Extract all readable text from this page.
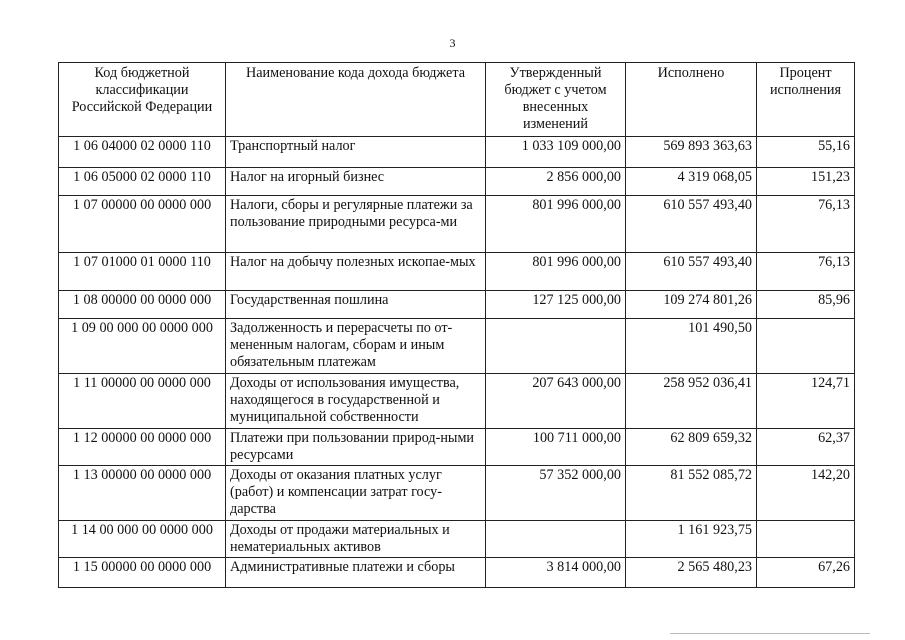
3
Код бюджетной классификации Российской Федерации	Наименование кода дохода бюджета	Утвержденный бюджет с учетом внесенных изменений	Исполнено	Процент исполнения
1 06 04000 02 0000 110	Транспортный налог	1 033 109 000,00	569 893 363,63	55,16
1 06 05000 02 0000 110	Налог на игорный бизнес	2 856 000,00	4 319 068,05	151,23
1 07 00000 00 0000 000	Налоги, сборы и регулярные платежи за пользование природными ресурса-ми	801 996 000,00	610 557 493,40	76,13
1 07 01000 01 0000 110	Налог на добычу полезных ископае-мых	801 996 000,00	610 557 493,40	76,13
1 08 00000 00 0000 000	Государственная пошлина	127 125 000,00	109 274 801,26	85,96
1 09 00 000 00 0000 000	Задолженность и перерасчеты по от-мененным налогам, сборам и иным обязательным платежам		101 490,50	
1 11 00000 00 0000 000	Доходы от использования имущества, находящегося в государственной и муниципальной собственности	207 643 000,00	258 952 036,41	124,71
1 12 00000 00 0000 000	Платежи при пользовании природ-ными ресурсами	100 711 000,00	62 809 659,32	62,37
1 13 00000 00 0000 000	Доходы от оказания платных услуг (работ) и компенсации затрат госу-дарства	57 352 000,00	81 552 085,72	142,20
1 14 00 000 00 0000 000	Доходы от продажи материальных и нематериальных активов		1 161 923,75	
1 15 00000 00 0000 000	Административные платежи и сборы	3 814 000,00	2 565 480,23	67,26
